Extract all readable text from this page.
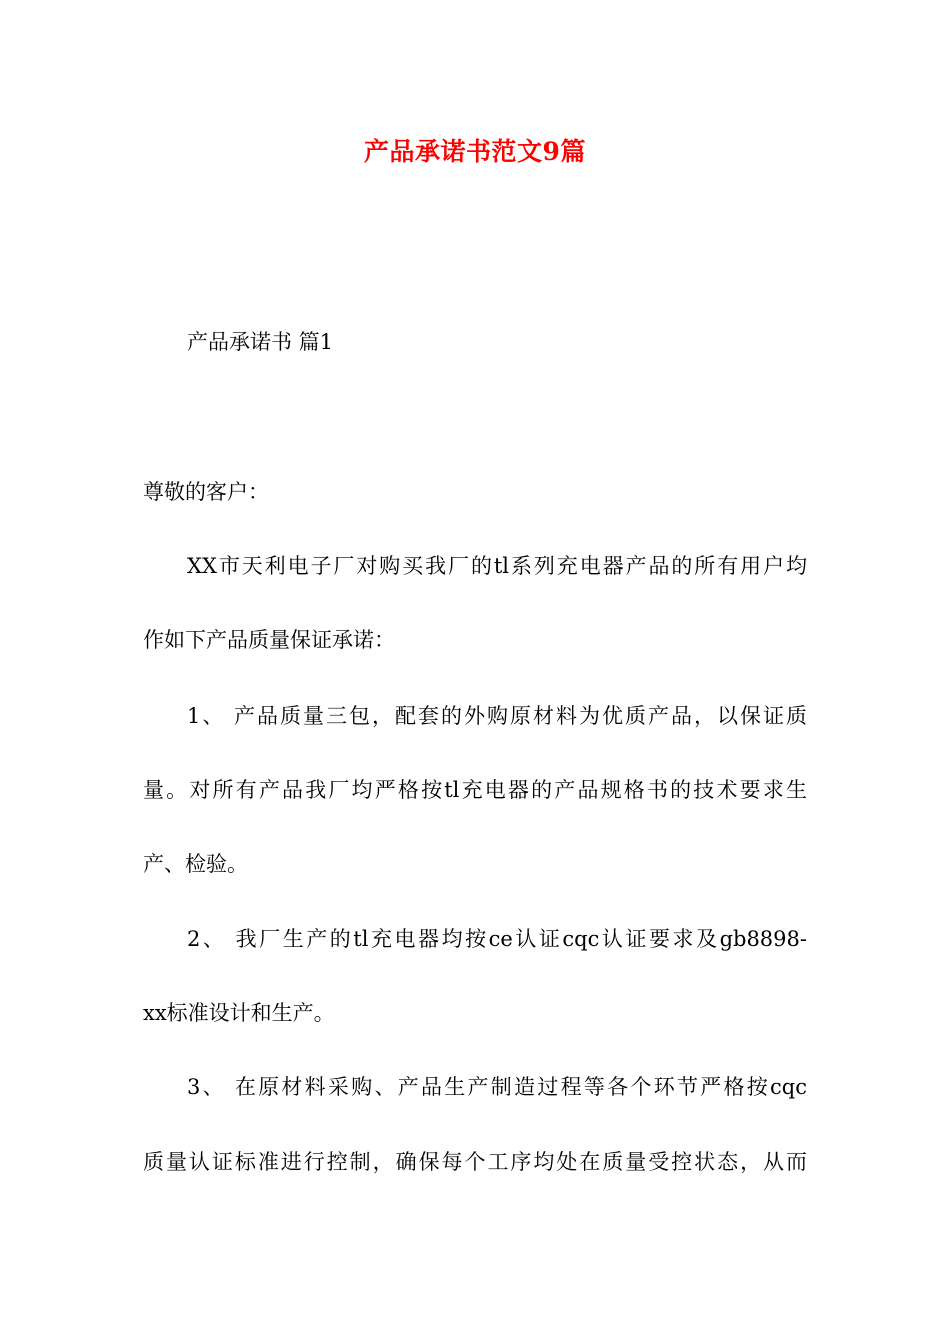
产品承诺书范文9篇
产品承诺书 篇1
尊敬的客户：
XX市天利电子厂对购买我厂的tl系列充电器产品的所有用户均
作如下产品质量保证承诺：
1、 产品质量三包，配套的外购原材料为优质产品，以保证质
量。对所有产品我厂均严格按tl充电器的产品规格书的技术要求生
产、检验。
2、 我厂生产的tl充电器均按ce认证cqc认证要求及gb8898-
xx标准设计和生产。
3、 在原材料采购、产品生产制造过程等各个环节严格按cqc
质量认证标准进行控制，确保每个工序均处在质量受控状态，从而
